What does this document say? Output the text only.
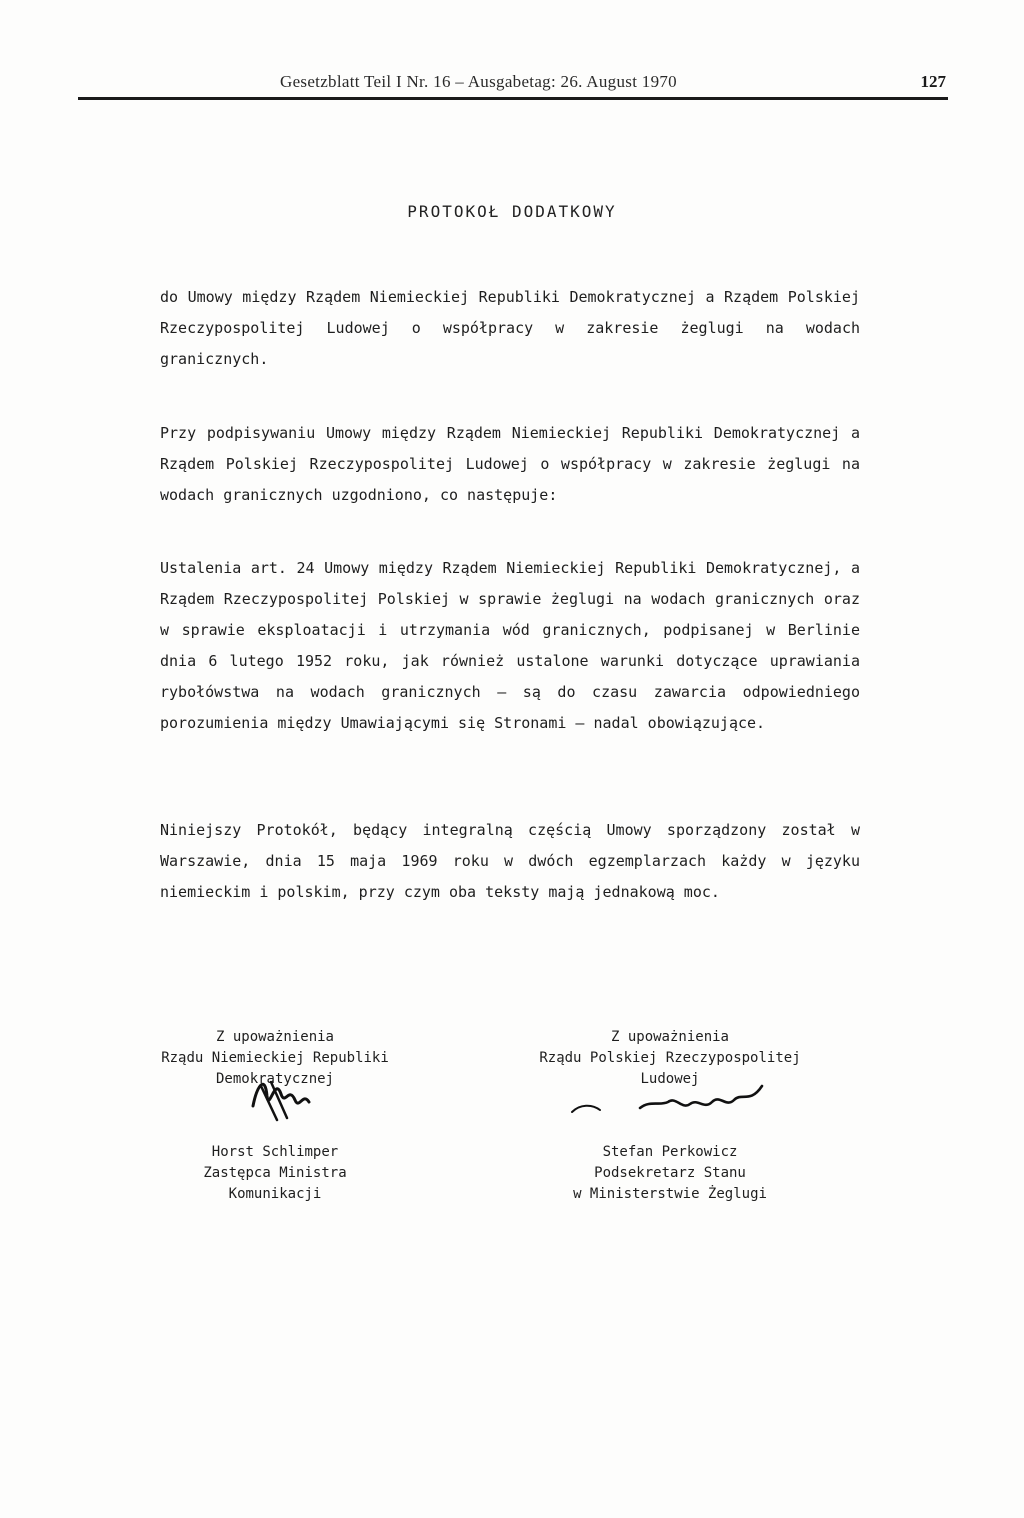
Gesetzblatt Teil I Nr. 16 – Ausgabetag: 26. August 1970	127
PROTOKOŁ DODATKOWY
do Umowy między Rządem Niemieckiej Republiki Demokratycznej a Rządem Polskiej Rzeczypospolitej Ludowej o współpracy w zakresie żeglugi na wodach granicznych.
Przy podpisywaniu Umowy między Rządem Niemieckiej Republiki Demokratycznej a Rządem Polskiej Rzeczypospolitej Ludowej o współpracy w zakresie żeglugi na wodach granicznych uzgodniono, co następuje:
Ustalenia art. 24 Umowy między Rządem Niemieckiej Republiki Demokratycznej, a Rządem Rzeczypospolitej Polskiej w sprawie żeglugi na wodach granicznych oraz w sprawie eksploatacji i utrzymania wód granicznych, podpisanej w Berlinie dnia 6 lutego 1952 roku, jak również ustalone warunki dotyczące uprawiania rybołówstwa na wodach granicznych – są do czasu zawarcia odpowiedniego porozumienia między Umawiającymi się Stronami – nadal obowiązujące.
Niniejszy Protokół, będący integralną częścią Umowy sporządzony został w Warszawie, dnia 15 maja 1969 roku w dwóch egzemplarzach każdy w języku niemieckim i polskim, przy czym oba teksty mają jednakową moc.
Z upoważnienia
Rządu Niemieckiej Republiki
Demokratycznej
Horst Schlimper
Zastępca Ministra
Komunikacji
Z upoważnienia
Rządu Polskiej Rzeczypospolitej
Ludowej
Stefan Perkowicz
Podsekretarz Stanu
w Ministerstwie Żeglugi
